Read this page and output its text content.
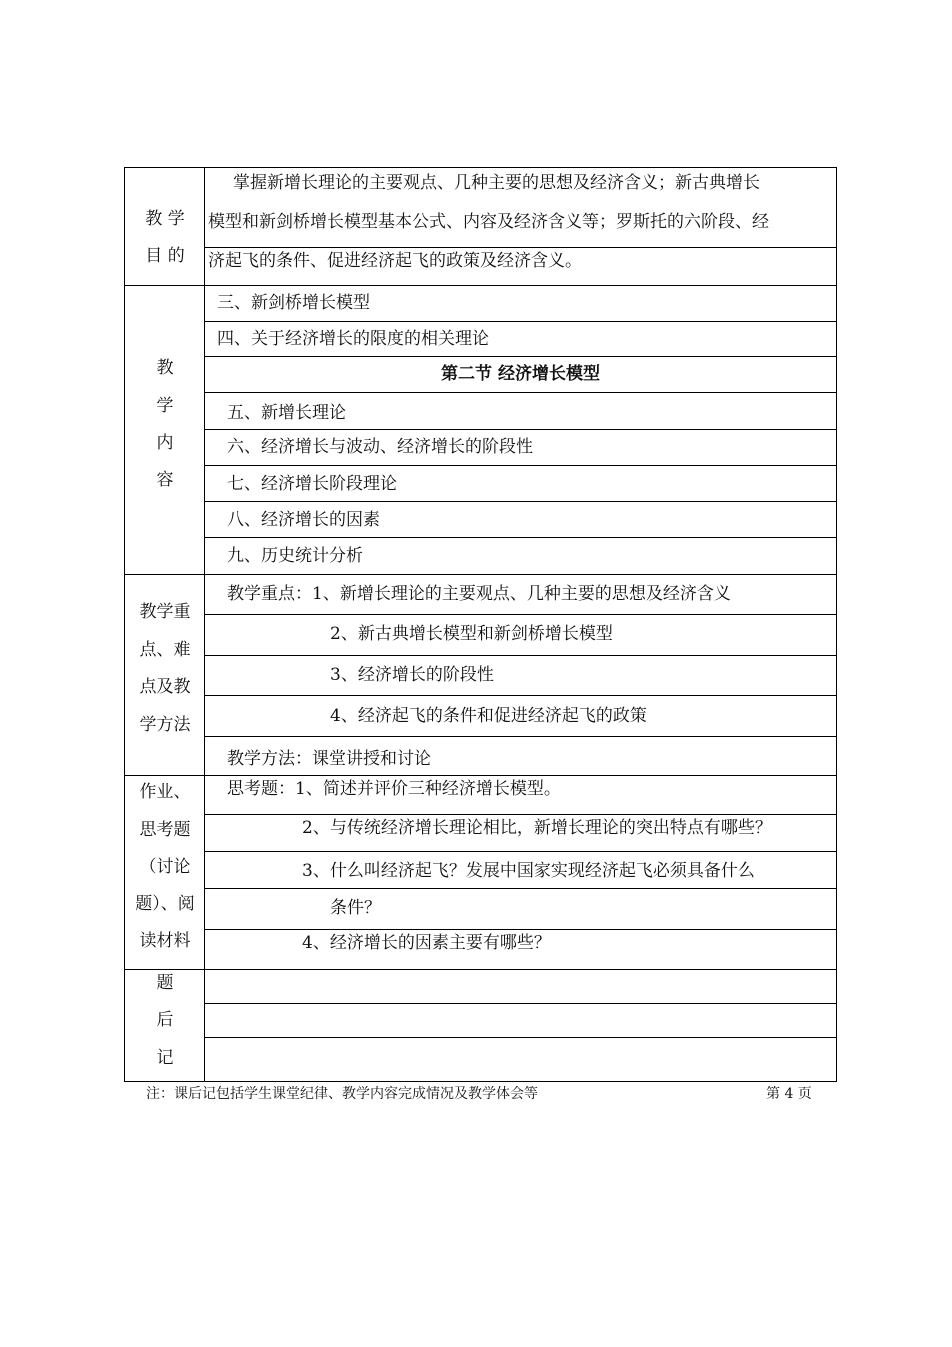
教 学
目 的
掌握新增长理论的主要观点、几种主要的思想及经济含义；新古典增长
模型和新剑桥增长模型基本公式、内容及经济含义等；罗斯托的六阶段、经
济起飞的条件、促进经济起飞的政策及经济含义。
教
学
内
容
三、新剑桥增长模型
四、关于经济增长的限度的相关理论
第二节 经济增长模型
五、新增长理论
六、经济增长与波动、经济增长的阶段性
七、经济增长阶段理论
八、经济增长的因素
九、历史统计分析
教学重
点、难
点及教
学方法
教学重点：1、新增长理论的主要观点、几种主要的思想及经济含义
2、新古典增长模型和新剑桥增长模型
3、经济增长的阶段性
4、经济起飞的条件和促进经济起飞的政策
教学方法：课堂讲授和讨论
作业、
思考题
（讨论
题）、阅
读材料
思考题：1、简述并评价三种经济增长模型。
2、与传统经济增长理论相比，新增长理论的突出特点有哪些？
3、什么叫经济起飞？发展中国家实现经济起飞必须具备什么
条件？
4、经济增长的因素主要有哪些？
题
后
记
注：课后记包括学生课堂纪律、教学内容完成情况及教学体会等	第 4 页
